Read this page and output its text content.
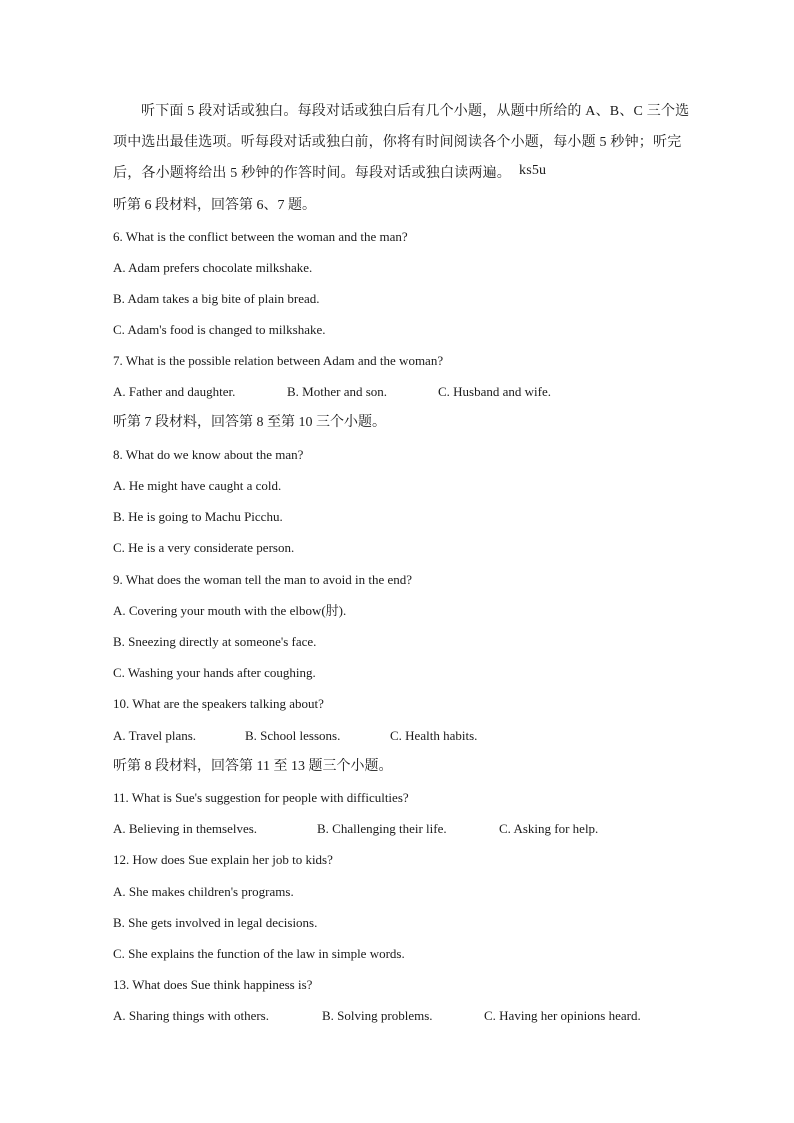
听下面 5 段对话或独白。每段对话或独白后有几个小题，从题中所给的 A、B、C 三个选
项中选出最佳选项。听每段对话或独白前，你将有时间阅读各个小题，每小题 5 秒钟；听完
后，各小题将给出 5 秒钟的作答时间。每段对话或独白读两遍。 ks5u
听第 6 段材料，回答第 6、7 题。
6. What is the conflict between the woman and the man?
A. Adam prefers chocolate milkshake.
B. Adam takes a big bite of plain bread.
C. Adam's food is changed to milkshake.
7. What is the possible relation between Adam and the woman?
A. Father and daughter.	B. Mother and son.	C. Husband and wife.
听第 7 段材料，回答第 8 至第 10 三个小题。
8. What do we know about the man?
A. He might have caught a cold.
B. He is going to Machu Picchu.
C. He is a very considerate person.
9. What does the woman tell the man to avoid in the end?
A. Covering your mouth with the elbow(肘).
B. Sneezing directly at someone's face.
C. Washing your hands after coughing.
10. What are the speakers talking about?
A. Travel plans.	B. School lessons.	C. Health habits.
听第 8 段材料，回答第 11 至 13 题三个小题。
11. What is Sue's suggestion for people with difficulties?
A. Believing in themselves.	B. Challenging their life.	C. Asking for help.
12. How does Sue explain her job to kids?
A. She makes children's programs.
B. She gets involved in legal decisions.
C. She explains the function of the law in simple words.
13. What does Sue think happiness is?
A. Sharing things with others.	B. Solving problems.	C. Having her opinions heard.
